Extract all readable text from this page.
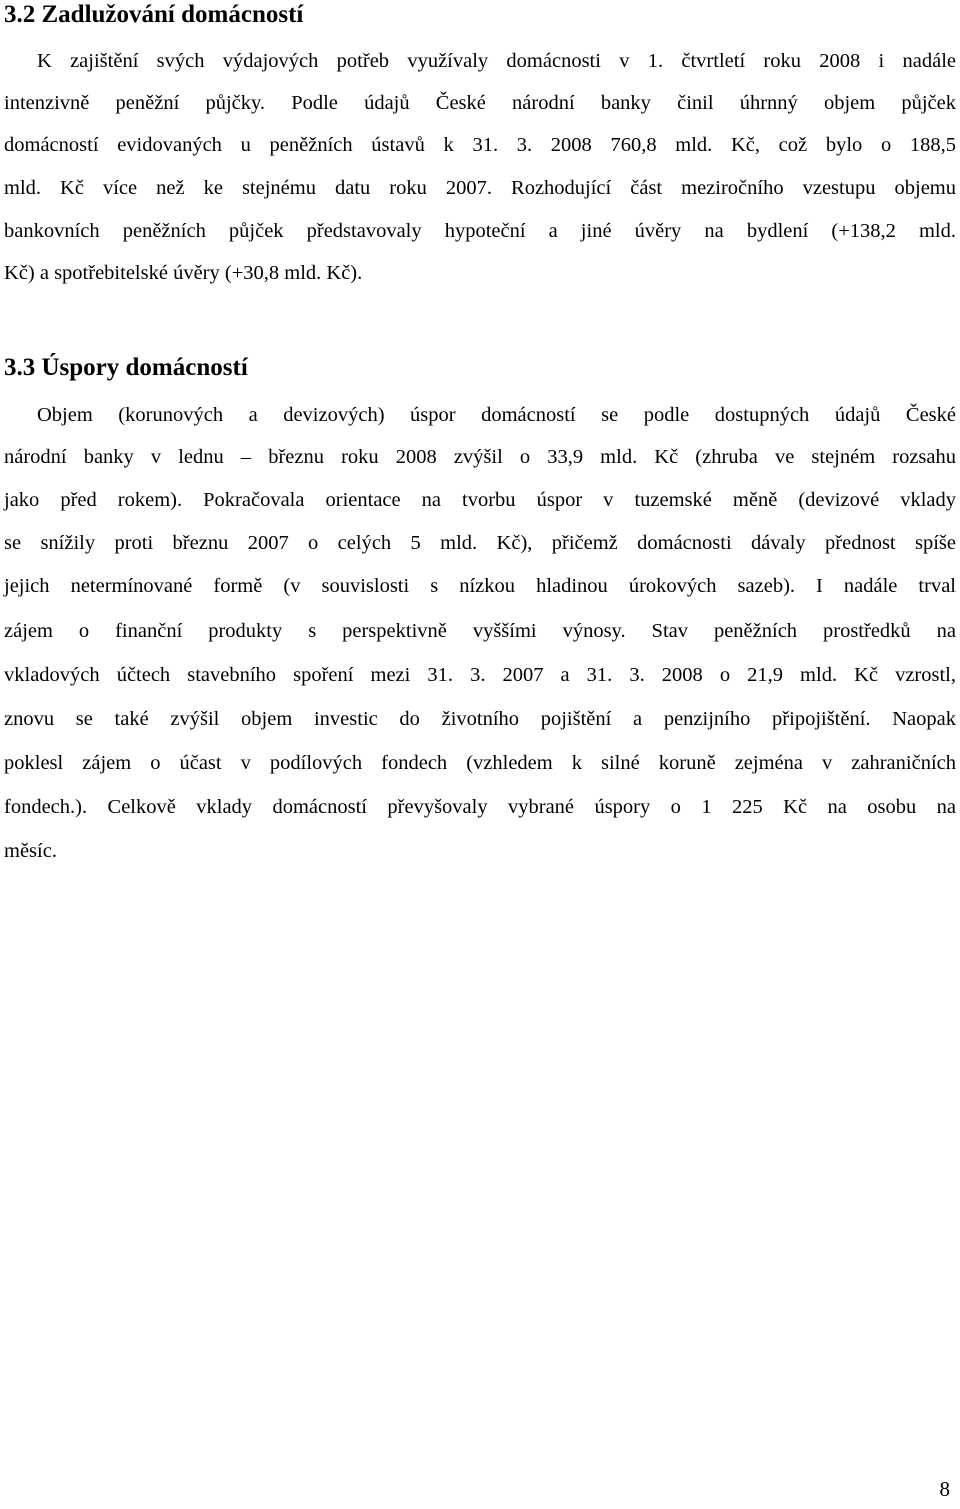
3.2 Zadlužování domácností
K zajištění svých výdajových potřeb využívaly domácnosti v 1. čtvrtletí roku 2008 i nadále
intenzivně peněžní půjčky. Podle údajů České národní banky činil úhrnný objem půjček
domácností evidovaných u peněžních ústavů k 31. 3. 2008 760,8 mld. Kč, což bylo o 188,5
mld. Kč více než ke stejnému datu roku 2007. Rozhodující část meziročního vzestupu objemu
bankovních peněžních půjček představovaly hypoteční a jiné úvěry na bydlení (+138,2 mld.
Kč) a spotřebitelské úvěry (+30,8 mld. Kč).
3.3 Úspory domácností
Objem (korunových a devizových) úspor domácností se podle dostupných údajů České
národní banky v lednu – březnu roku 2008 zvýšil o 33,9 mld. Kč (zhruba ve stejném rozsahu
jako před rokem). Pokračovala orientace na tvorbu úspor v tuzemské měně (devizové vklady
se snížily proti březnu 2007 o celých 5 mld. Kč), přičemž domácnosti dávaly přednost spíše
jejich netermínované formě (v souvislosti s nízkou hladinou úrokových sazeb). I nadále trval
zájem o finanční produkty s perspektivně vyššími výnosy. Stav peněžních prostředků na
vkladových účtech stavebního spoření mezi 31. 3. 2007 a 31. 3. 2008 o 21,9 mld. Kč vzrostl,
znovu se také zvýšil objem investic do životního pojištění a penzijního připojištění. Naopak
poklesl zájem o účast v podílových fondech (vzhledem k silné koruně zejména v zahraničních
fondech.). Celkově vklady domácností převyšovaly vybrané úspory o 1 225 Kč na osobu na
měsíc.
8
